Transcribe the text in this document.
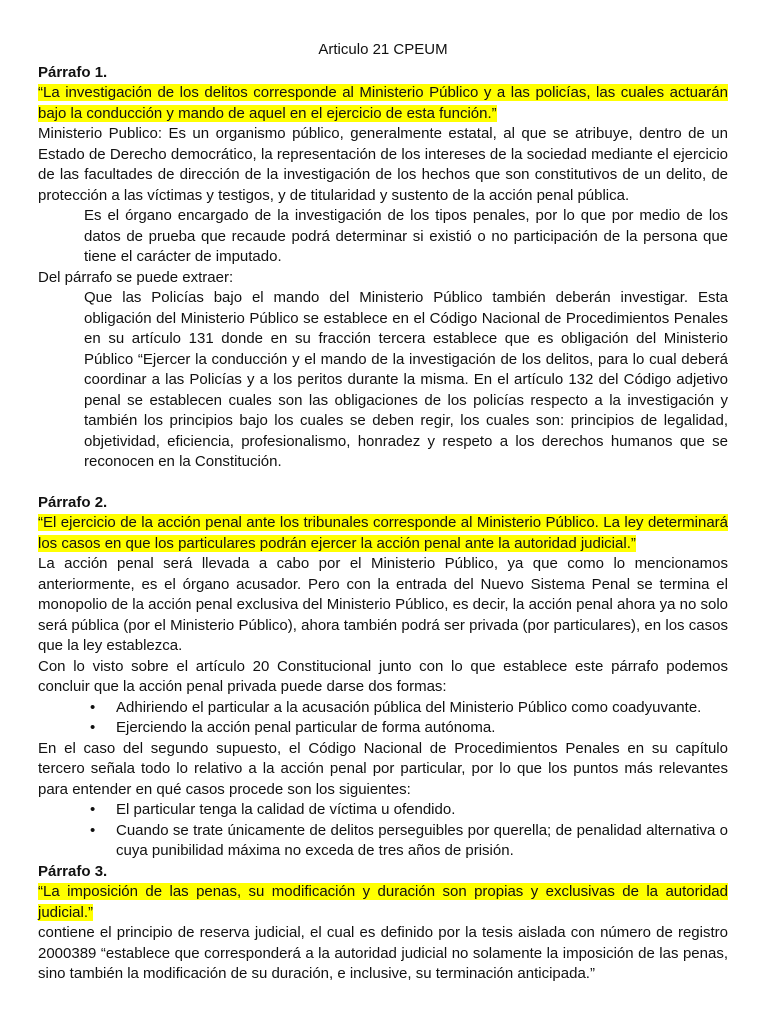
Articulo 21 CPEUM

Párrafo 1.

“La investigación de los delitos corresponde al Ministerio Público y a las policías, las cuales actuarán bajo la conducción y mando de aquel en el ejercicio de esta función.”

Ministerio Publico: Es un organismo público, generalmente estatal, al que se atribuye, dentro de un Estado de Derecho democrático, la representación de los intereses de la sociedad mediante el ejercicio de las facultades de dirección de la investigación de los hechos que son constitutivos de un delito, de protección a las víctimas y testigos, y de titularidad y sustento de la acción penal pública.

Es el órgano encargado de la investigación de los tipos penales, por lo que por medio de los datos de prueba que recaude podrá determinar si existió o no participación de la persona que tiene el carácter de imputado.

Del párrafo se puede extraer:

Que las Policías bajo el mando del Ministerio Público también deberán investigar. Esta obligación del Ministerio Público se establece en el Código Nacional de Procedimientos Penales en su artículo 131 donde en su fracción tercera establece que es obligación del Ministerio Público “Ejercer la conducción y el mando de la investigación de los delitos, para lo cual deberá coordinar a las Policías y a los peritos durante la misma. En el artículo 132 del Código adjetivo penal se establecen cuales son las obligaciones de los policías respecto a la investigación y también los principios bajo los cuales se deben regir, los cuales son: principios de legalidad, objetividad, eficiencia, profesionalismo, honradez y respeto a los derechos humanos que se reconocen en la Constitución.

Párrafo 2.

“El ejercicio de la acción penal ante los tribunales corresponde al Ministerio Público. La ley determinará los casos en que los particulares podrán ejercer la acción penal ante la autoridad judicial.”

La acción penal será llevada a cabo por el Ministerio Público, ya que como lo mencionamos anteriormente, es el órgano acusador. Pero con la entrada del Nuevo Sistema Penal se termina el monopolio de la acción penal exclusiva del Ministerio Público, es decir, la acción penal ahora ya no solo será pública (por el Ministerio Público), ahora también podrá ser privada (por particulares), en los casos que la ley establezca.

Con lo visto sobre el artículo 20 Constitucional junto con lo que establece este párrafo podemos concluir que la acción penal privada puede darse dos formas:

• Adhiriendo el particular a la acusación pública del Ministerio Público como coadyuvante.
• Ejerciendo la acción penal particular de forma autónoma.

En el caso del segundo supuesto, el Código Nacional de Procedimientos Penales en su capítulo tercero señala todo lo relativo a la acción penal por particular, por lo que los puntos más relevantes para entender en qué casos procede son los siguientes:

• El particular tenga la calidad de víctima u ofendido.
• Cuando se trate únicamente de delitos perseguibles por querella; de penalidad alternativa o cuya punibilidad máxima no exceda de tres años de prisión.

Párrafo 3.

“La imposición de las penas, su modificación y duración son propias y exclusivas de la autoridad judicial.”

contiene el principio de reserva judicial, el cual es definido por la tesis aislada con número de registro 2000389 “establece que corresponderá a la autoridad judicial no solamente la imposición de las penas, sino también la modificación de su duración, e inclusive, su terminación anticipada.”
